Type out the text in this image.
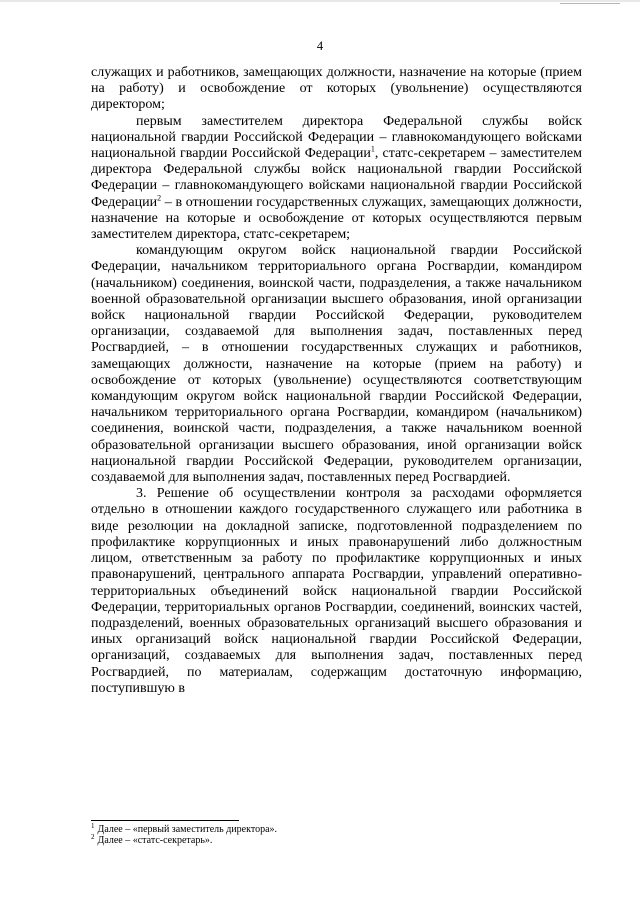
4

служащих и работников, замещающих должности, назначение на которые (прием на работу) и освобождение от которых (увольнение) осуществляются директором;

первым заместителем директора Федеральной службы войск национальной гвардии Российской Федерации – главнокомандующего войсками национальной гвардии Российской Федерации$^1$, статс-секретарем – заместителем директора Федеральной службы войск национальной гвардии Российской Федерации – главнокомандующего войсками национальной гвардии Российской Федерации$^2$ – в отношении государственных служащих, замещающих должности, назначение на которые и освобождение от которых осуществляются первым заместителем директора, статс-секретарем;

командующим округом войск национальной гвардии Российской Федерации, начальником территориального органа Росгвардии, командиром (начальником) соединения, воинской части, подразделения, а также начальником военной образовательной организации высшего образования, иной организации войск национальной гвардии Российской Федерации, руководителем организации, создаваемой для выполнения задач, поставленных перед Росгвардией, – в отношении государственных служащих и работников, замещающих должности, назначение на которые (прием на работу) и освобождение от которых (увольнение) осуществляются соответствующим командующим округом войск национальной гвардии Российской Федерации, начальником территориального органа Росгвардии, командиром (начальником) соединения, воинской части, подразделения, а также начальником военной образовательной организации высшего образования, иной организации войск национальной гвардии Российской Федерации, руководителем организации, создаваемой для выполнения задач, поставленных перед Росгвардией.

3. Решение об осуществлении контроля за расходами оформляется отдельно в отношении каждого государственного служащего или работника в виде резолюции на докладной записке, подготовленной подразделением по профилактике коррупционных и иных правонарушений либо должностным лицом, ответственным за работу по профилактике коррупционных и иных правонарушений, центрального аппарата Росгвардии, управлений оперативно-территориальных объединений войск национальной гвардии Российской Федерации, территориальных органов Росгвардии, соединений, воинских частей, подразделений, военных образовательных организаций высшего образования и иных организаций войск национальной гвардии Российской Федерации, организаций, создаваемых для выполнения задач, поставленных перед Росгвардией, по материалам, содержащим достаточную информацию, поступившую в

$^1$ Далее – «первый заместитель директора».
$^2$ Далее – «статс-секретарь».
